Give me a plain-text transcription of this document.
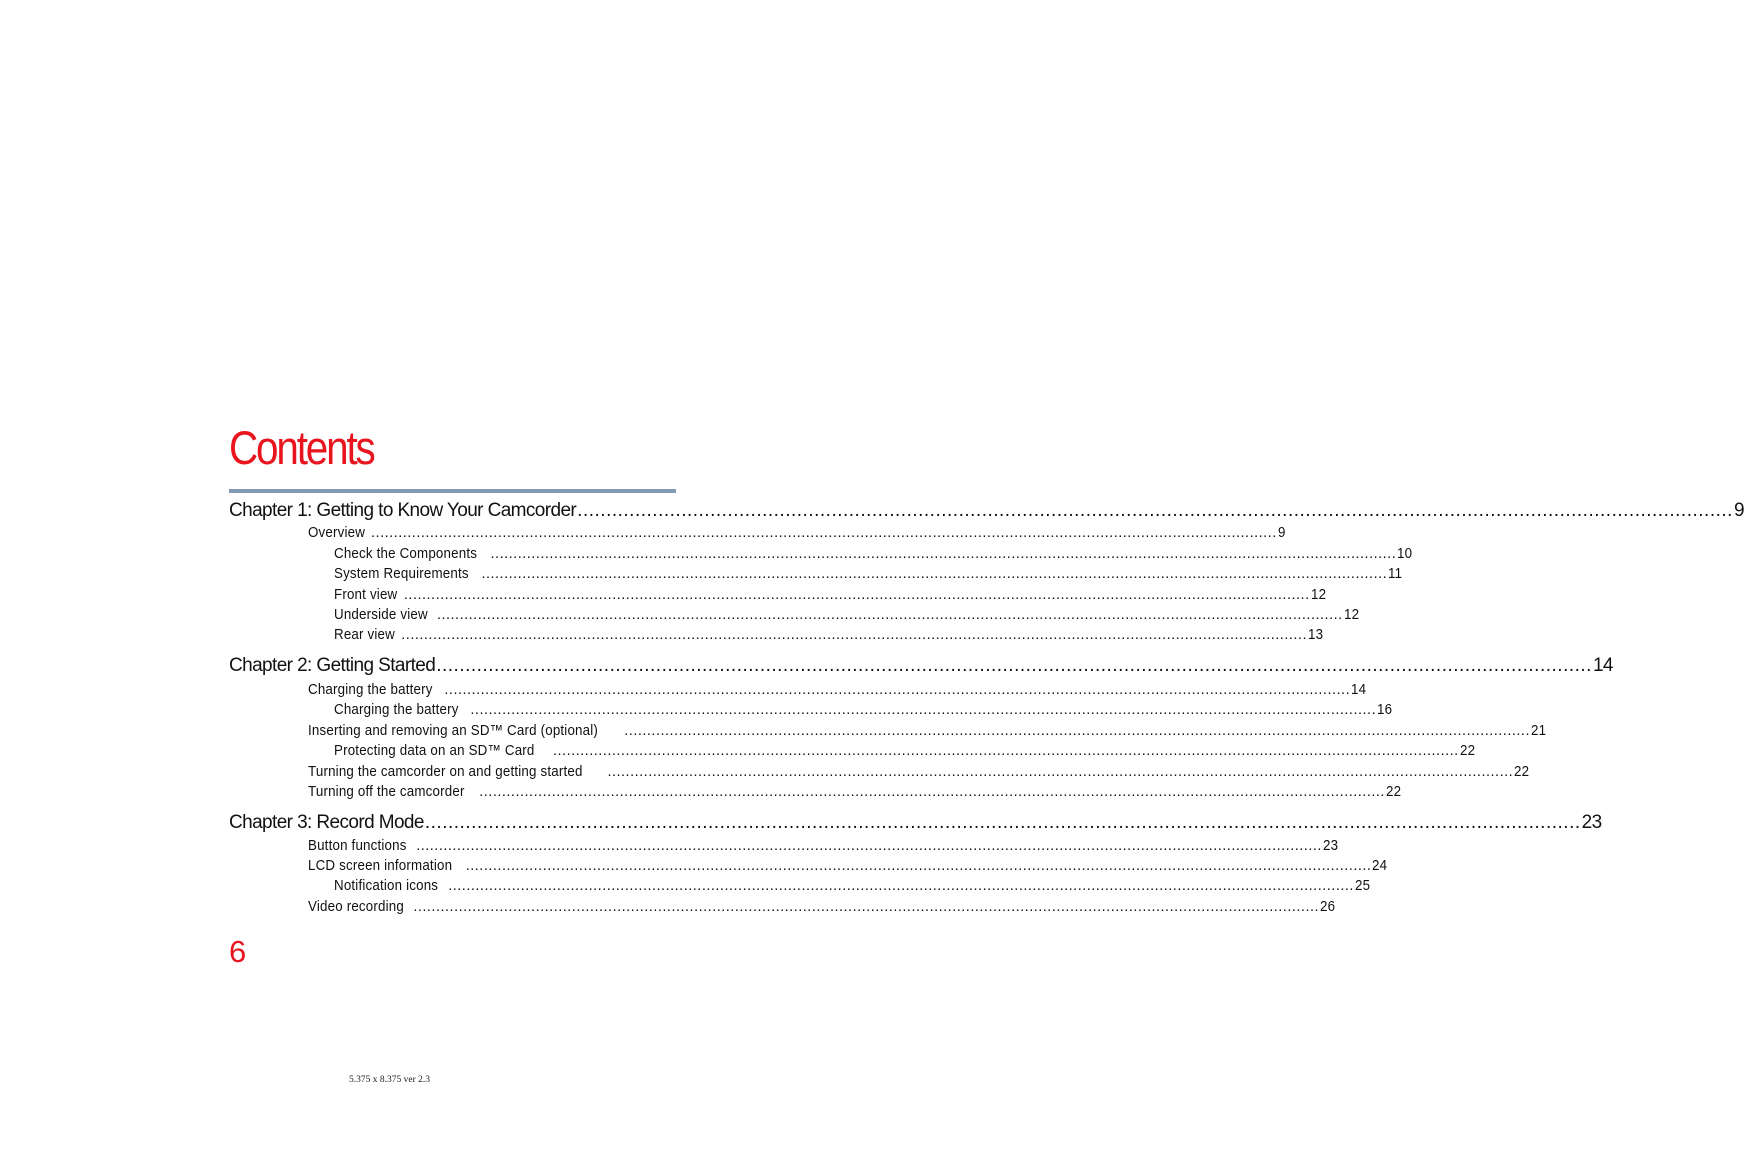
Contents
Chapter 1: Getting to Know Your Camcorder ........................................................................................................................................................................................................ 9
Overview ........................................................................................................................................................................................................ 9
Check the Components ........................................................................................................................................................................................................ 10
System Requirements ........................................................................................................................................................................................................ 11
Front view ........................................................................................................................................................................................................ 12
Underside view ........................................................................................................................................................................................................ 12
Rear view ........................................................................................................................................................................................................ 13
Chapter 2: Getting Started ........................................................................................................................................................................................................ 14
Charging the battery ........................................................................................................................................................................................................ 14
Charging the battery ........................................................................................................................................................................................................ 16
Inserting and removing an SD™ Card (optional) ........................................................................................................................................................................................................ 21
Protecting data on an SD™ Card ........................................................................................................................................................................................................ 22
Turning the camcorder on and getting started ........................................................................................................................................................................................................ 22
Turning off the camcorder ........................................................................................................................................................................................................ 22
Chapter 3: Record Mode ........................................................................................................................................................................................................ 23
Button functions ........................................................................................................................................................................................................ 23
LCD screen information ........................................................................................................................................................................................................ 24
Notification icons ........................................................................................................................................................................................................ 25
Video recording ........................................................................................................................................................................................................ 26
6
5.375 x 8.375 ver 2.3
